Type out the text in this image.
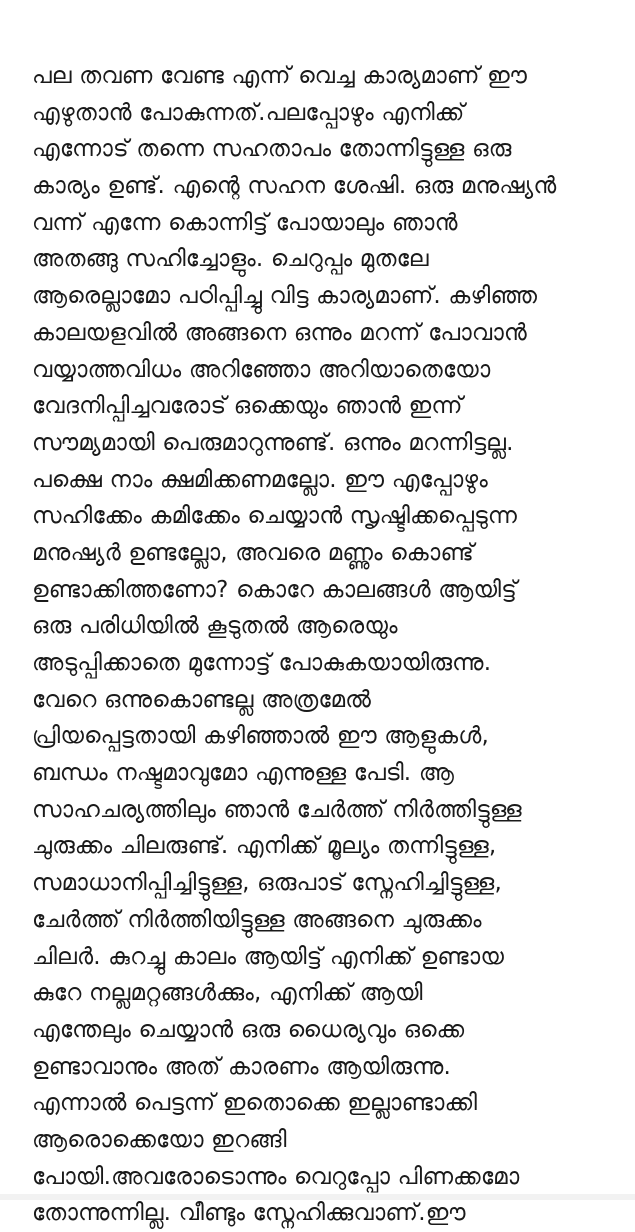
പല തവണ വേണ്ട എന്ന് വെച്ച കാര്യമാണ് ഈ
എഴുതാൻ പോകുന്നത്.പലപ്പോഴും എനിക്ക്
എന്നോട് തന്നെ സഹതാപം തോന്നിട്ടുള്ള ഒരു
കാര്യം ഉണ്ട്. എന്റെ സഹന ശേഷി. ഒരു മനുഷ്യൻ
വന്ന് എന്നേ കൊന്നിട്ട് പോയാലും ഞാൻ
അതങ്ങു സഹിച്ചോളും. ചെറുപ്പം മുതലേ
ആരെല്ലാമോ പഠിപ്പിച്ചു വിട്ട കാര്യമാണ്. കഴിഞ്ഞ
കാലയളവിൽ അങ്ങനെ ഒന്നും മറന്ന് പോവാൻ
വയ്യാത്തവിധം അറിഞ്ഞോ അറിയാതെയോ
വേദനിപ്പിച്ചവരോട് ഒക്കെയും ഞാൻ ഇന്ന്
സൗമ്യമായി പെരുമാറുന്നുണ്ട്. ഒന്നും മറന്നിട്ടല്ല.
പക്ഷെ നാം ക്ഷമിക്കണമല്ലോ. ഈ എപ്പോഴും
സഹിക്കേം കമിക്കേം ചെയ്യാൻ സൃഷ്ടിക്കപ്പെടുന്ന
മനുഷ്യർ ഉണ്ടല്ലോ, അവരെ മണ്ണും കൊണ്ട്
ഉണ്ടാക്കിത്തണോ? കൊറേ കാലങ്ങൾ ആയിട്ട്
ഒരു പരിധിയിൽ കൂടുതൽ ആരെയും
അടുപ്പിക്കാതെ മുന്നോട്ട് പോകുകയായിരുന്നു.
വേറെ ഒന്നുകൊണ്ടല്ല അത്രമേൽ
പ്രിയപ്പെട്ടതായി കഴിഞ്ഞാൽ ഈ ആളുകൾ,
ബന്ധം നഷ്ടമാവുമോ എന്നുള്ള പേടി. ആ
സാഹചര്യത്തിലും ഞാൻ ചേർത്ത് നിർത്തിട്ടുള്ള
ചുരുക്കം ചിലരുണ്ട്. എനിക്ക് മൂല്യം തന്നിട്ടുള്ള,
സമാധാനിപ്പിച്ചിട്ടുള്ള, ഒരുപാട് സ്നേഹിച്ചിട്ടുള്ള,
ചേർത്ത് നിർത്തിയിട്ടുള്ള അങ്ങനെ ചുരുക്കം
ചിലർ. കുറച്ചു കാലം ആയിട്ട് എനിക്ക് ഉണ്ടായ
കുറേ നല്ലമറ്റങ്ങൾക്കും, എനിക്ക് ആയി
എന്തേലും ചെയ്യാൻ ഒരു ധൈര്യവും ഒക്കെ
ഉണ്ടാവാനും അത് കാരണം ആയിരുന്നു.
എന്നാൽ പെട്ടന്ന് ഇതൊക്കെ ഇല്ലാണ്ടാക്കി
ആരൊക്കെയോ ഇറങ്ങി
പോയി.അവരോടൊന്നും വെറുപ്പോ പിണക്കമോ
തോന്നുന്നില്ല. വീണ്ടും സ്നേഹിക്കുവാണ്.ഈ
